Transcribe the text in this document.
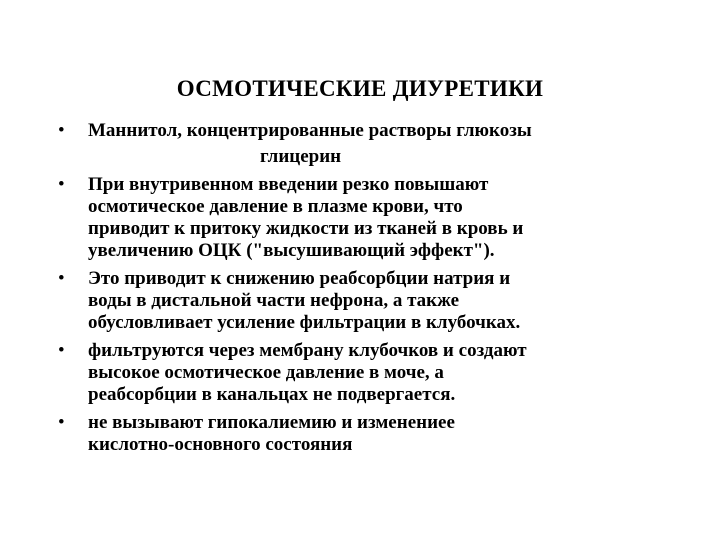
ОСМОТИЧЕСКИЕ ДИУРЕТИКИ
• Маннитол, концентрированные растворы глюкозы
глицерин
• При внутривенном введении резко повышают
осмотическое давление в плазме крови, что
приводит к притоку жидкости из тканей в кровь и
увеличению ОЦК ("высушивающий эффект").
• Это приводит к снижению реабсорбции натрия и
воды в дистальной части нефрона, а также
обусловливает усиление фильтрации в клубочках.
• фильтруются через мембрану клубочков и создают
высокое осмотическое давление в моче, а
реабсорбции в канальцах не подвергается.
• не вызывают гипокалиемию и изменениее
кислотно-основного состояния
